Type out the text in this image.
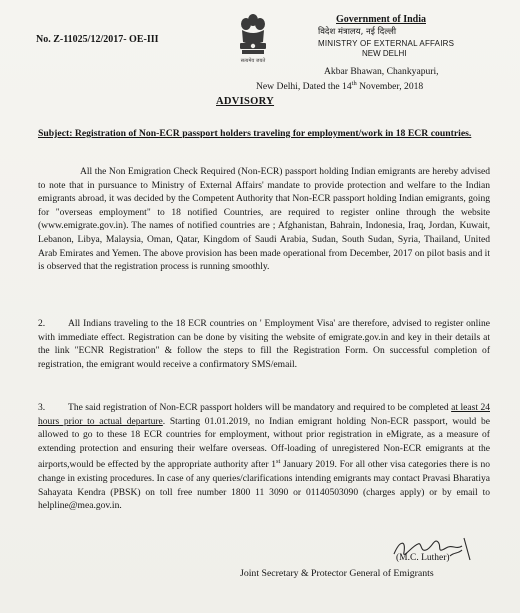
No. Z-11025/12/2017- OE-III
सत्यमेव जयते
Government of India
विदेश मंत्रालय, नई दिल्ली
MINISTRY OF EXTERNAL AFFAIRS
NEW DELHI
Akbar Bhawan, Chankyapuri,
New Delhi, Dated the 14th November, 2018
ADVISORY
Subject: Registration of Non-ECR passport holders traveling for employment/work in 18 ECR countries.
All the Non Emigration Check Required (Non-ECR) passport holding Indian emigrants are hereby advised to note that in pursuance to Ministry of External Affairs' mandate to provide protection and welfare to the Indian emigrants abroad, it was decided by the Competent Authority that Non-ECR passport holding Indian emigrants, going for "overseas employment" to 18 notified Countries, are required to register online through the website (www.emigrate.gov.in). The names of notified countries are ; Afghanistan, Bahrain, Indonesia, Iraq, Jordan, Kuwait, Lebanon, Libya, Malaysia, Oman, Qatar, Kingdom of Saudi Arabia, Sudan, South Sudan, Syria, Thailand, United Arab Emirates and Yemen. The above provision has been made operational from December, 2017 on pilot basis and it is observed that the registration process is running smoothly.
2. All Indians traveling to the 18 ECR countries on ' Employment Visa' are therefore, advised to register online with immediate effect. Registration can be done by visiting the website of emigrate.gov.in and key in their details at the link "ECNR Registration" & follow the steps to fill the Registration Form. On successful completion of registration, the emigrant would receive a confirmatory SMS/email.
3. The said registration of Non-ECR passport holders will be mandatory and required to be completed at least 24 hours prior to actual departure. Starting 01.01.2019, no Indian emigrant holding Non-ECR passport, would be allowed to go to these 18 ECR countries for employment, without prior registration in eMigrate, as a measure of extending protection and ensuring their welfare overseas. Off-loading of unregistered Non-ECR emigrants at the airports,would be effected by the appropriate authority after 1st January 2019. For all other visa categories there is no change in existing procedures. In case of any queries/clarifications intending emigrants may contact Pravasi Bharatiya Sahayata Kendra (PBSK) on toll free number 1800 11 3090 or 01140503090 (charges apply) or by email to helpline@mea.gov.in.
(M.C. Luther)
Joint Secretary & Protector General of Emigrants
